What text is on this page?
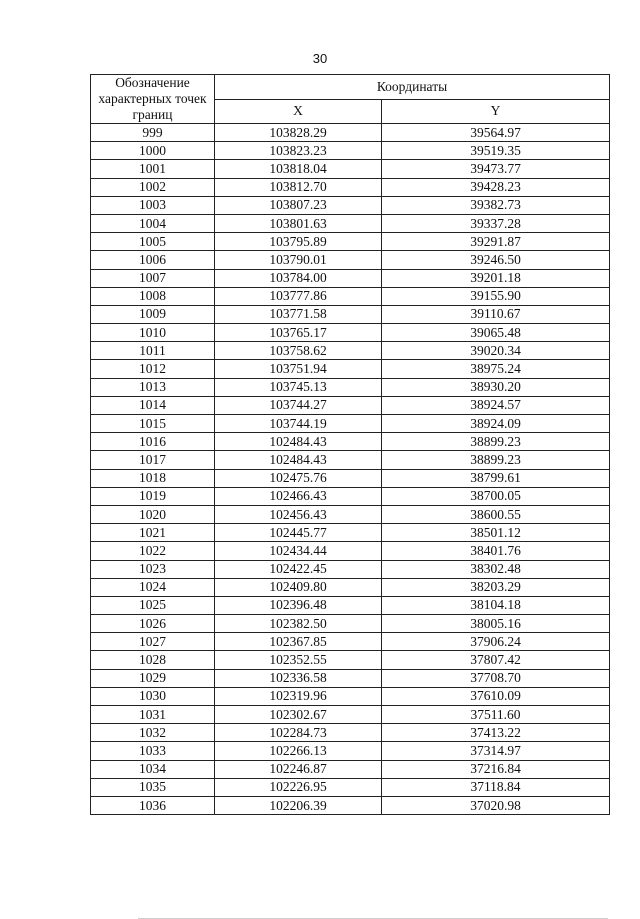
30
Обозначение характерных точек границ	Координаты	
	X	Y
999	103828.29	39564.97
1000	103823.23	39519.35
1001	103818.04	39473.77
1002	103812.70	39428.23
1003	103807.23	39382.73
1004	103801.63	39337.28
1005	103795.89	39291.87
1006	103790.01	39246.50
1007	103784.00	39201.18
1008	103777.86	39155.90
1009	103771.58	39110.67
1010	103765.17	39065.48
1011	103758.62	39020.34
1012	103751.94	38975.24
1013	103745.13	38930.20
1014	103744.27	38924.57
1015	103744.19	38924.09
1016	102484.43	38899.23
1017	102484.43	38899.23
1018	102475.76	38799.61
1019	102466.43	38700.05
1020	102456.43	38600.55
1021	102445.77	38501.12
1022	102434.44	38401.76
1023	102422.45	38302.48
1024	102409.80	38203.29
1025	102396.48	38104.18
1026	102382.50	38005.16
1027	102367.85	37906.24
1028	102352.55	37807.42
1029	102336.58	37708.70
1030	102319.96	37610.09
1031	102302.67	37511.60
1032	102284.73	37413.22
1033	102266.13	37314.97
1034	102246.87	37216.84
1035	102226.95	37118.84
1036	102206.39	37020.98
